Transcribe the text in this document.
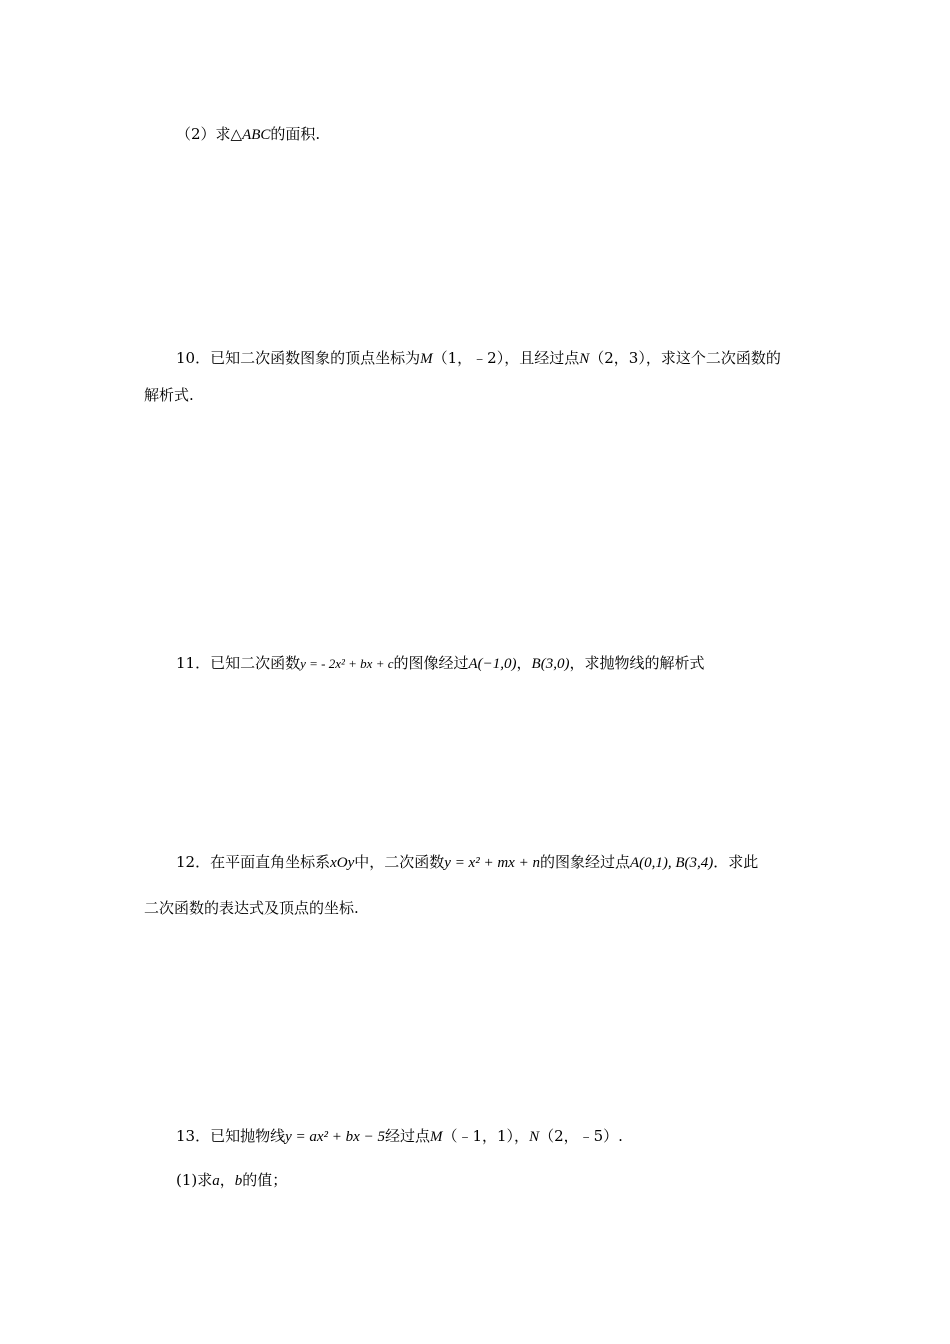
（2）求△ABC的面积.
10．已知二次函数图象的顶点坐标为M（1，﹣2），且经过点N（2，3），求这个二次函数的
解析式.
11．已知二次函数y = - 2x² + bx + c的图像经过A(−1,0)，B(3,0)，求抛物线的解析式
12．在平面直角坐标系xOy中，二次函数y = x² + mx + n的图象经过点A(0,1), B(3,4)．求此
二次函数的表达式及顶点的坐标.
13．已知抛物线y = ax² + bx − 5经过点M（﹣1，1），N（2，﹣5）.
(1)求a，b的值；
